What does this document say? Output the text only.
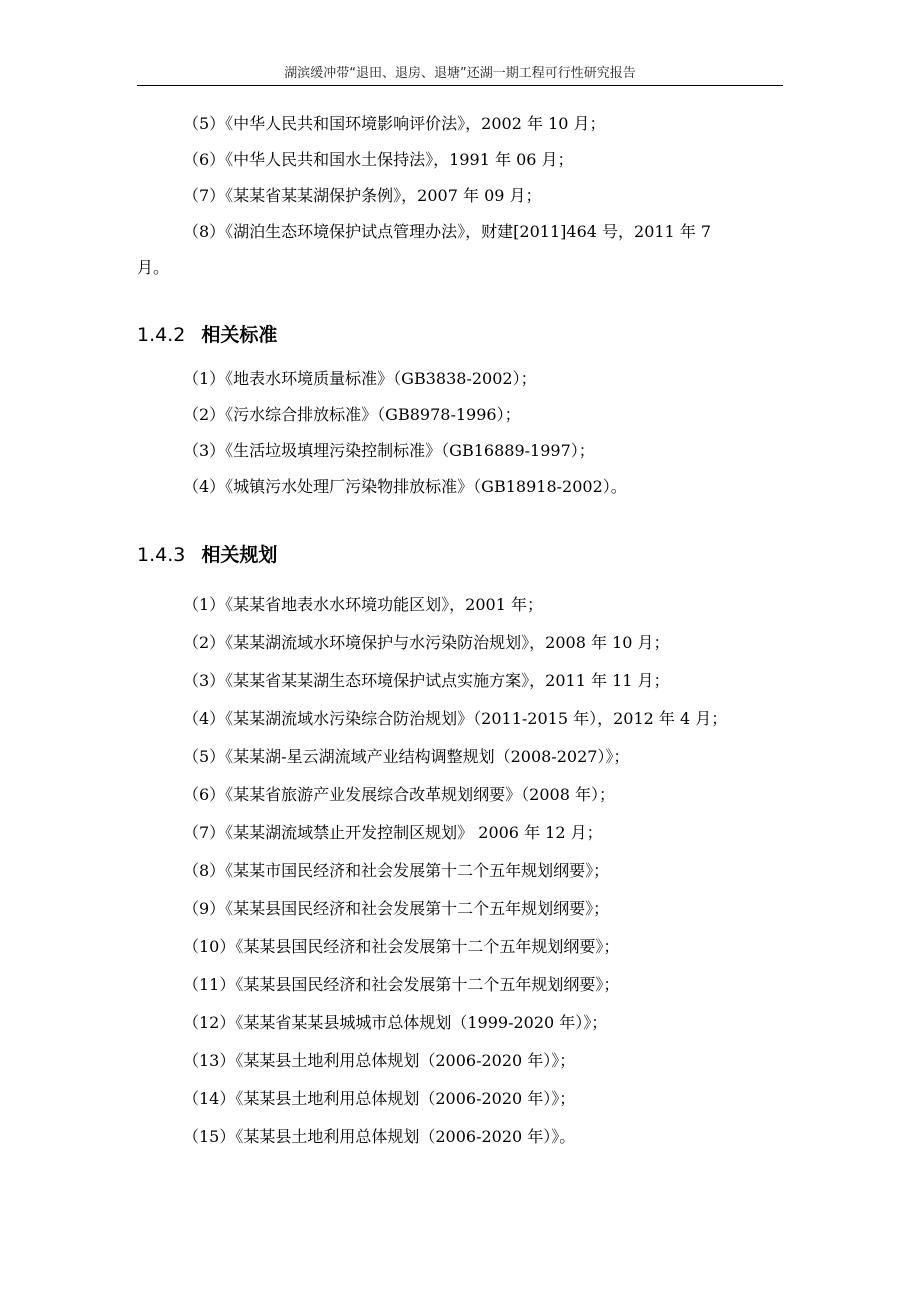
湖滨缓冲带“退田、退房、退塘”还湖一期工程可行性研究报告
（5）《中华人民共和国环境影响评价法》，2002 年 10 月；
（6）《中华人民共和国水土保持法》，1991 年 06 月；
（7）《某某省某某湖保护条例》，2007 年 09 月；
（8）《湖泊生态环境保护试点管理办法》，财建[2011]464 号，2011 年 7
月。
1.4.2 相关标准
（1）《地表水环境质量标准》（GB3838-2002）；
（2）《污水综合排放标准》（GB8978-1996）；
（3）《生活垃圾填埋污染控制标准》（GB16889-1997）；
（4）《城镇污水处理厂污染物排放标准》（GB18918-2002）。
1.4.3 相关规划
（1）《某某省地表水水环境功能区划》，2001 年；
（2）《某某湖流域水环境保护与水污染防治规划》，2008 年 10 月；
（3）《某某省某某湖生态环境保护试点实施方案》，2011 年 11 月；
（4）《某某湖流域水污染综合防治规划》（2011-2015 年），2012 年 4 月；
（5）《某某湖-星云湖流域产业结构调整规划（2008-2027）》；
（6）《某某省旅游产业发展综合改革规划纲要》（2008 年）；
（7）《某某湖流域禁止开发控制区规划》 2006 年 12 月；
（8）《某某市国民经济和社会发展第十二个五年规划纲要》；
（9）《某某县国民经济和社会发展第十二个五年规划纲要》；
（10）《某某县国民经济和社会发展第十二个五年规划纲要》；
（11）《某某县国民经济和社会发展第十二个五年规划纲要》；
（12）《某某省某某县城城市总体规划（1999-2020 年）》；
（13）《某某县土地利用总体规划（2006-2020 年）》；
（14）《某某县土地利用总体规划（2006-2020 年）》；
（15）《某某县土地利用总体规划（2006-2020 年）》。
